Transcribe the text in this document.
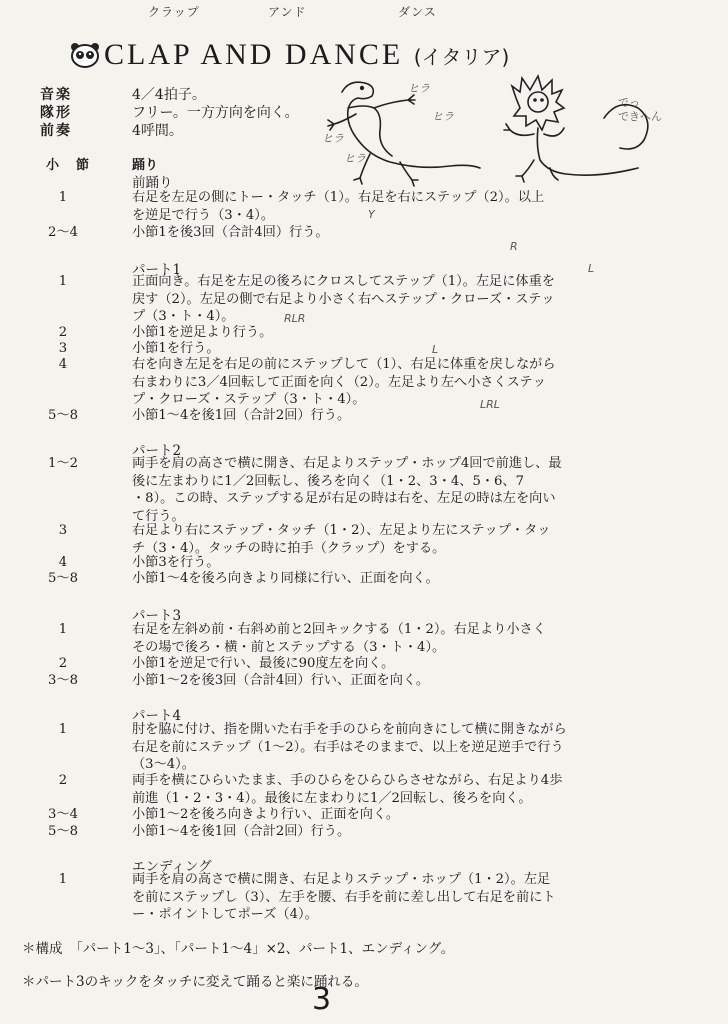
クラップ	アンド	ダンス
CLAP AND DANCE (イタリア)
音楽	4／4拍子。
隊形	フリー。一方方向を向く。
前奏	4呼間。
ヒラ
ヒラ
ヒラ
ヒラ
でっ
できへん
小　節	踊り
前踊り
1	右足を左足の側にトー・タッチ（1）。右足を右にステップ（2）。以上
を逆足で行う（3・4）。
2～4	小節1を後3回（合計4回）行う。
パート1
1	正面向き。右足を左足の後ろにクロスしてステップ（1）。左足に体重を
戻す（2）。左足の側で右足より小さく右へステップ・クローズ・ステッ
プ（3・ト・4）。
2	小節1を逆足より行う。
3	小節1を行う。
4	右を向き左足を右足の前にステップして（1）、右足に体重を戻しながら
右まわりに3／4回転して正面を向く（2）。左足より左へ小さくステッ
プ・クローズ・ステップ（3・ト・4）。
5～8	小節1～4を後1回（合計2回）行う。
パート2
1～2	両手を肩の高さで横に開き、右足よりステップ・ホップ4回で前進し、最
後に左まわりに1／2回転し、後ろを向く（1・2、3・4、5・6、7
・8）。この時、ステップする足が右足の時は右を、左足の時は左を向い
て行う。
3	右足より右にステップ・タッチ（1・2）、左足より左にステップ・タッ
チ（3・4）。タッチの時に拍手（クラップ）をする。
4	小節3を行う。
5～8	小節1～4を後ろ向きより同様に行い、正面を向く。
パート3
1	右足を左斜め前・右斜め前と2回キックする（1・2）。右足より小さく
その場で後ろ・横・前とステップする（3・ト・4）。
2	小節1を逆足で行い、最後に90度左を向く。
3～8	小節1～2を後3回（合計4回）行い、正面を向く。
パート4
1	肘を脇に付け、指を開いた右手を手のひらを前向きにして横に開きながら
右足を前にステップ（1～2）。右手はそのままで、以上を逆足逆手で行う
（3～4）。
2	両手を横にひらいたまま、手のひらをひらひらさせながら、右足より4歩
前進（1・2・3・4）。最後に左まわりに1／2回転し、後ろを向く。
3～4	小節1～2を後ろ向きより行い、正面を向く。
5～8	小節1～4を後1回（合計2回）行う。
エンディング
1	両手を肩の高さで横に開き、右足よりステップ・ホップ（1・2）。左足
を前にステップし（3）、左手を腰、右手を前に差し出して右足を前にト
ー・ポイントしてポーズ（4）。
＊構成　「パート1～3」、「パート1～4」×2、パート1、エンディング。
＊パート3のキックをタッチに変えて踊ると楽に踊れる。
Y
R
RLR
L
L
LRL
3
